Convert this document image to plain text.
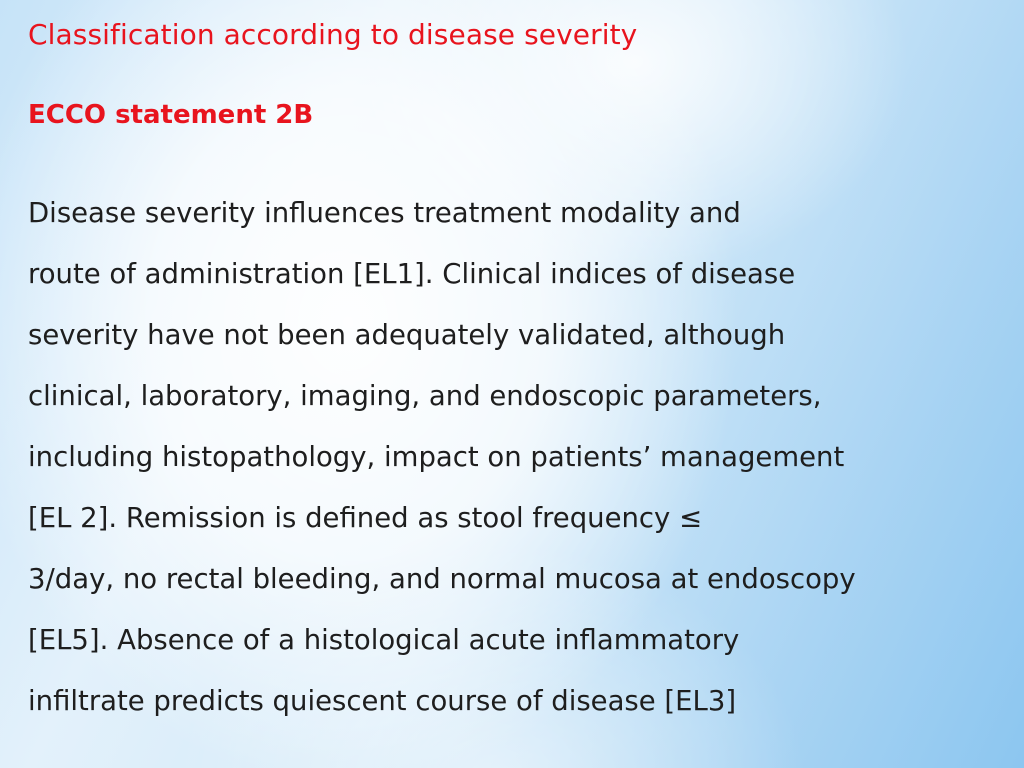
Classification according to disease severity
ECCO statement 2B
Disease severity influences treatment modality and
route of administration [EL1]. Clinical indices of disease
severity have not been adequately validated, although
clinical, laboratory, imaging, and endoscopic parameters,
including histopathology, impact on patients’ management
[EL 2]. Remission is defined as stool frequency ≤
3/day, no rectal bleeding, and normal mucosa at endoscopy
[EL5]. Absence of a histological acute inflammatory
infiltrate predicts quiescent course of disease [EL3]
